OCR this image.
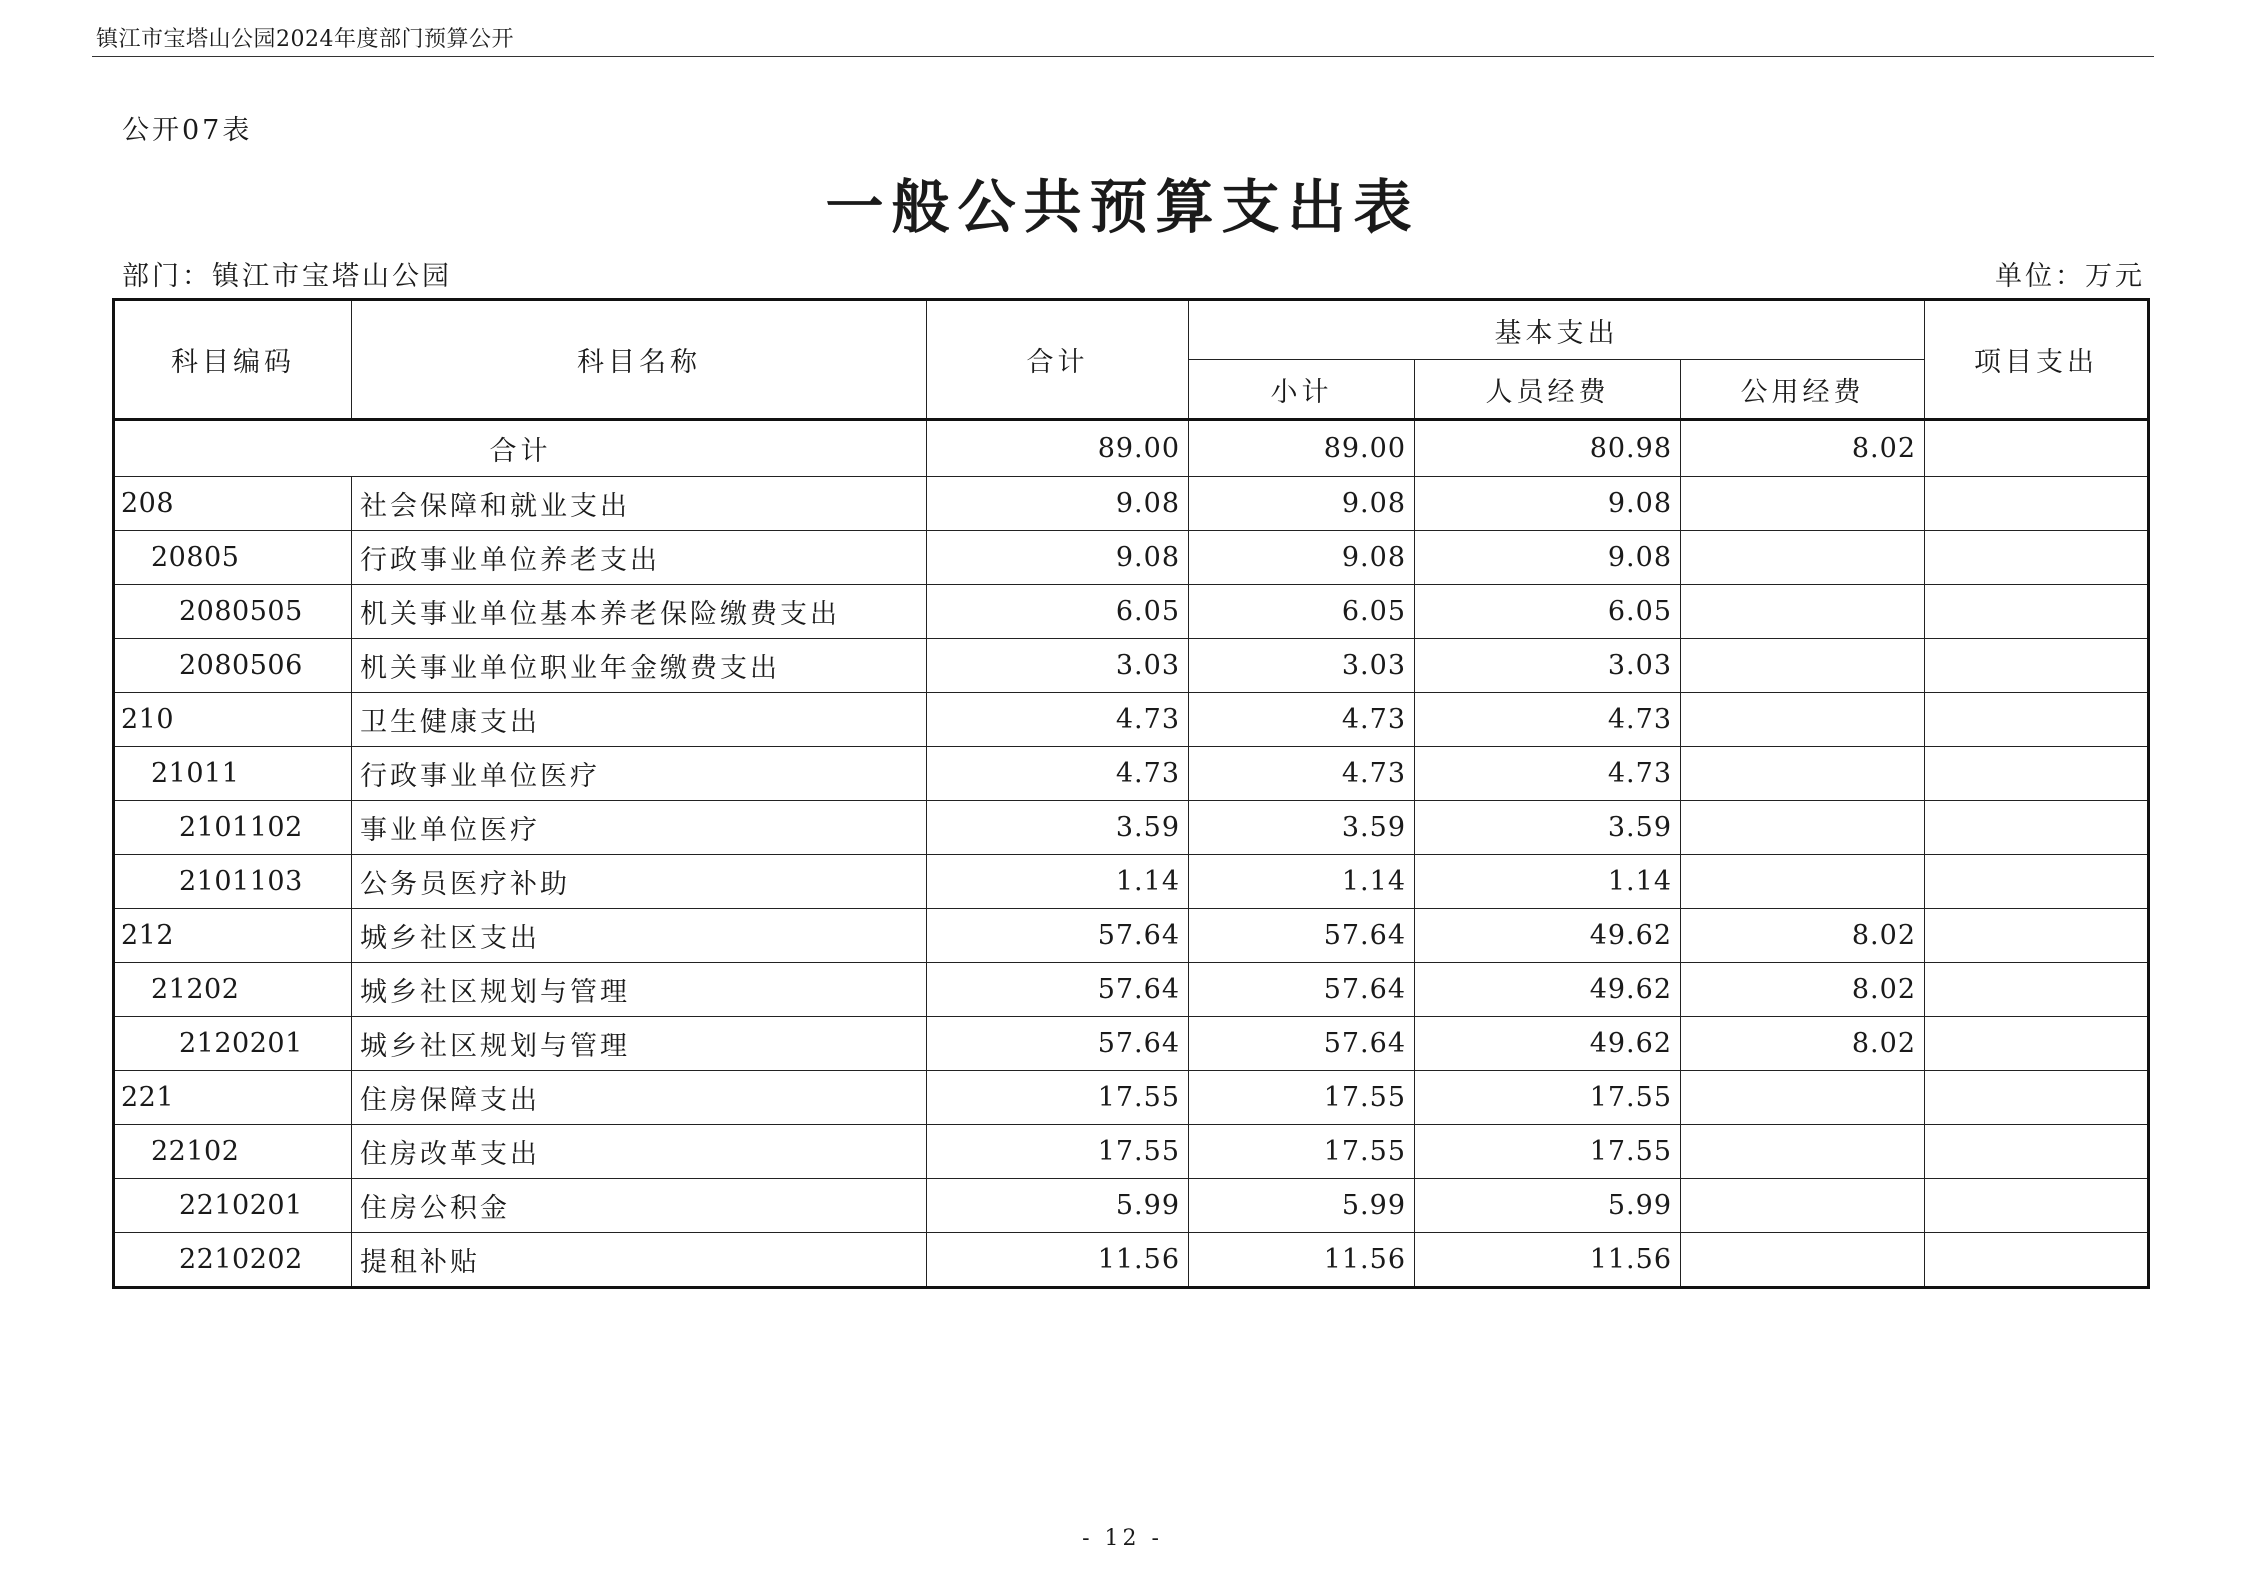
镇江市宝塔山公园2024年度部门预算公开
公开07表
一般公共预算支出表
部门：镇江市宝塔山公园	单位：万元
科目编码	科目名称	合计	基本支出			项目支出
			小计	人员经费	公用经费	
合计		89.00	89.00	80.98	8.02	
208	社会保障和就业支出	9.08	9.08	9.08		
20805	行政事业单位养老支出	9.08	9.08	9.08		
2080505	机关事业单位基本养老保险缴费支出	6.05	6.05	6.05		
2080506	机关事业单位职业年金缴费支出	3.03	3.03	3.03		
210	卫生健康支出	4.73	4.73	4.73		
21011	行政事业单位医疗	4.73	4.73	4.73		
2101102	事业单位医疗	3.59	3.59	3.59		
2101103	公务员医疗补助	1.14	1.14	1.14		
212	城乡社区支出	57.64	57.64	49.62	8.02	
21202	城乡社区规划与管理	57.64	57.64	49.62	8.02	
2120201	城乡社区规划与管理	57.64	57.64	49.62	8.02	
221	住房保障支出	17.55	17.55	17.55		
22102	住房改革支出	17.55	17.55	17.55		
2210201	住房公积金	5.99	5.99	5.99		
2210202	提租补贴	11.56	11.56	11.56		
- 12 -
